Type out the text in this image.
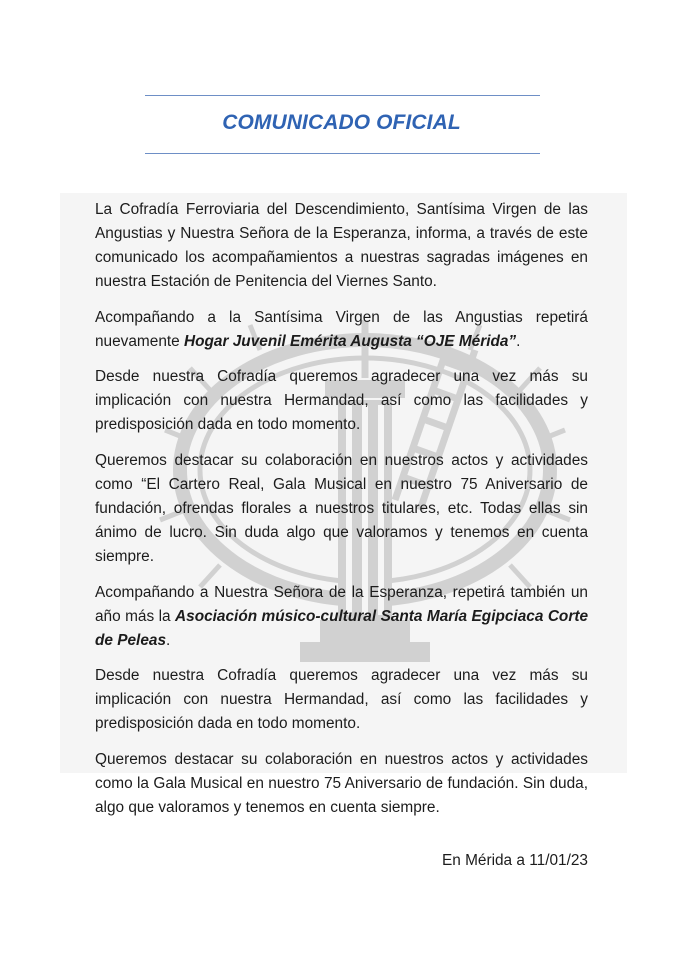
COMUNICADO OFICIAL

La Cofradía Ferroviaria del Descendimiento, Santísima Virgen de las Angustias y Nuestra Señora de la Esperanza, informa, a través de este comunicado los acompañamientos a nuestras sagradas imágenes en nuestra Estación de Penitencia del Viernes Santo.

Acompañando a la Santísima Virgen de las Angustias repetirá nuevamente Hogar Juvenil Emérita Augusta “OJE Mérida”.

Desde nuestra Cofradía queremos agradecer una vez más su implicación con nuestra Hermandad, así como las facilidades y predisposición dada en todo momento.

Queremos destacar su colaboración en nuestros actos y actividades como “El Cartero Real, Gala Musical en nuestro 75 Aniversario de fundación, ofrendas florales a nuestros titulares, etc. Todas ellas sin ánimo de lucro. Sin duda algo que valoramos y tenemos en cuenta siempre.

Acompañando a Nuestra Señora de la Esperanza, repetirá también un año más la Asociación músico-cultural Santa María Egipciaca Corte de Peleas.

Desde nuestra Cofradía queremos agradecer una vez más su implicación con nuestra Hermandad, así como las facilidades y predisposición dada en todo momento.

Queremos destacar su colaboración en nuestros actos y actividades como la Gala Musical en nuestro 75 Aniversario de fundación. Sin duda, algo que valoramos y tenemos en cuenta siempre.

En Mérida a 11/01/23
